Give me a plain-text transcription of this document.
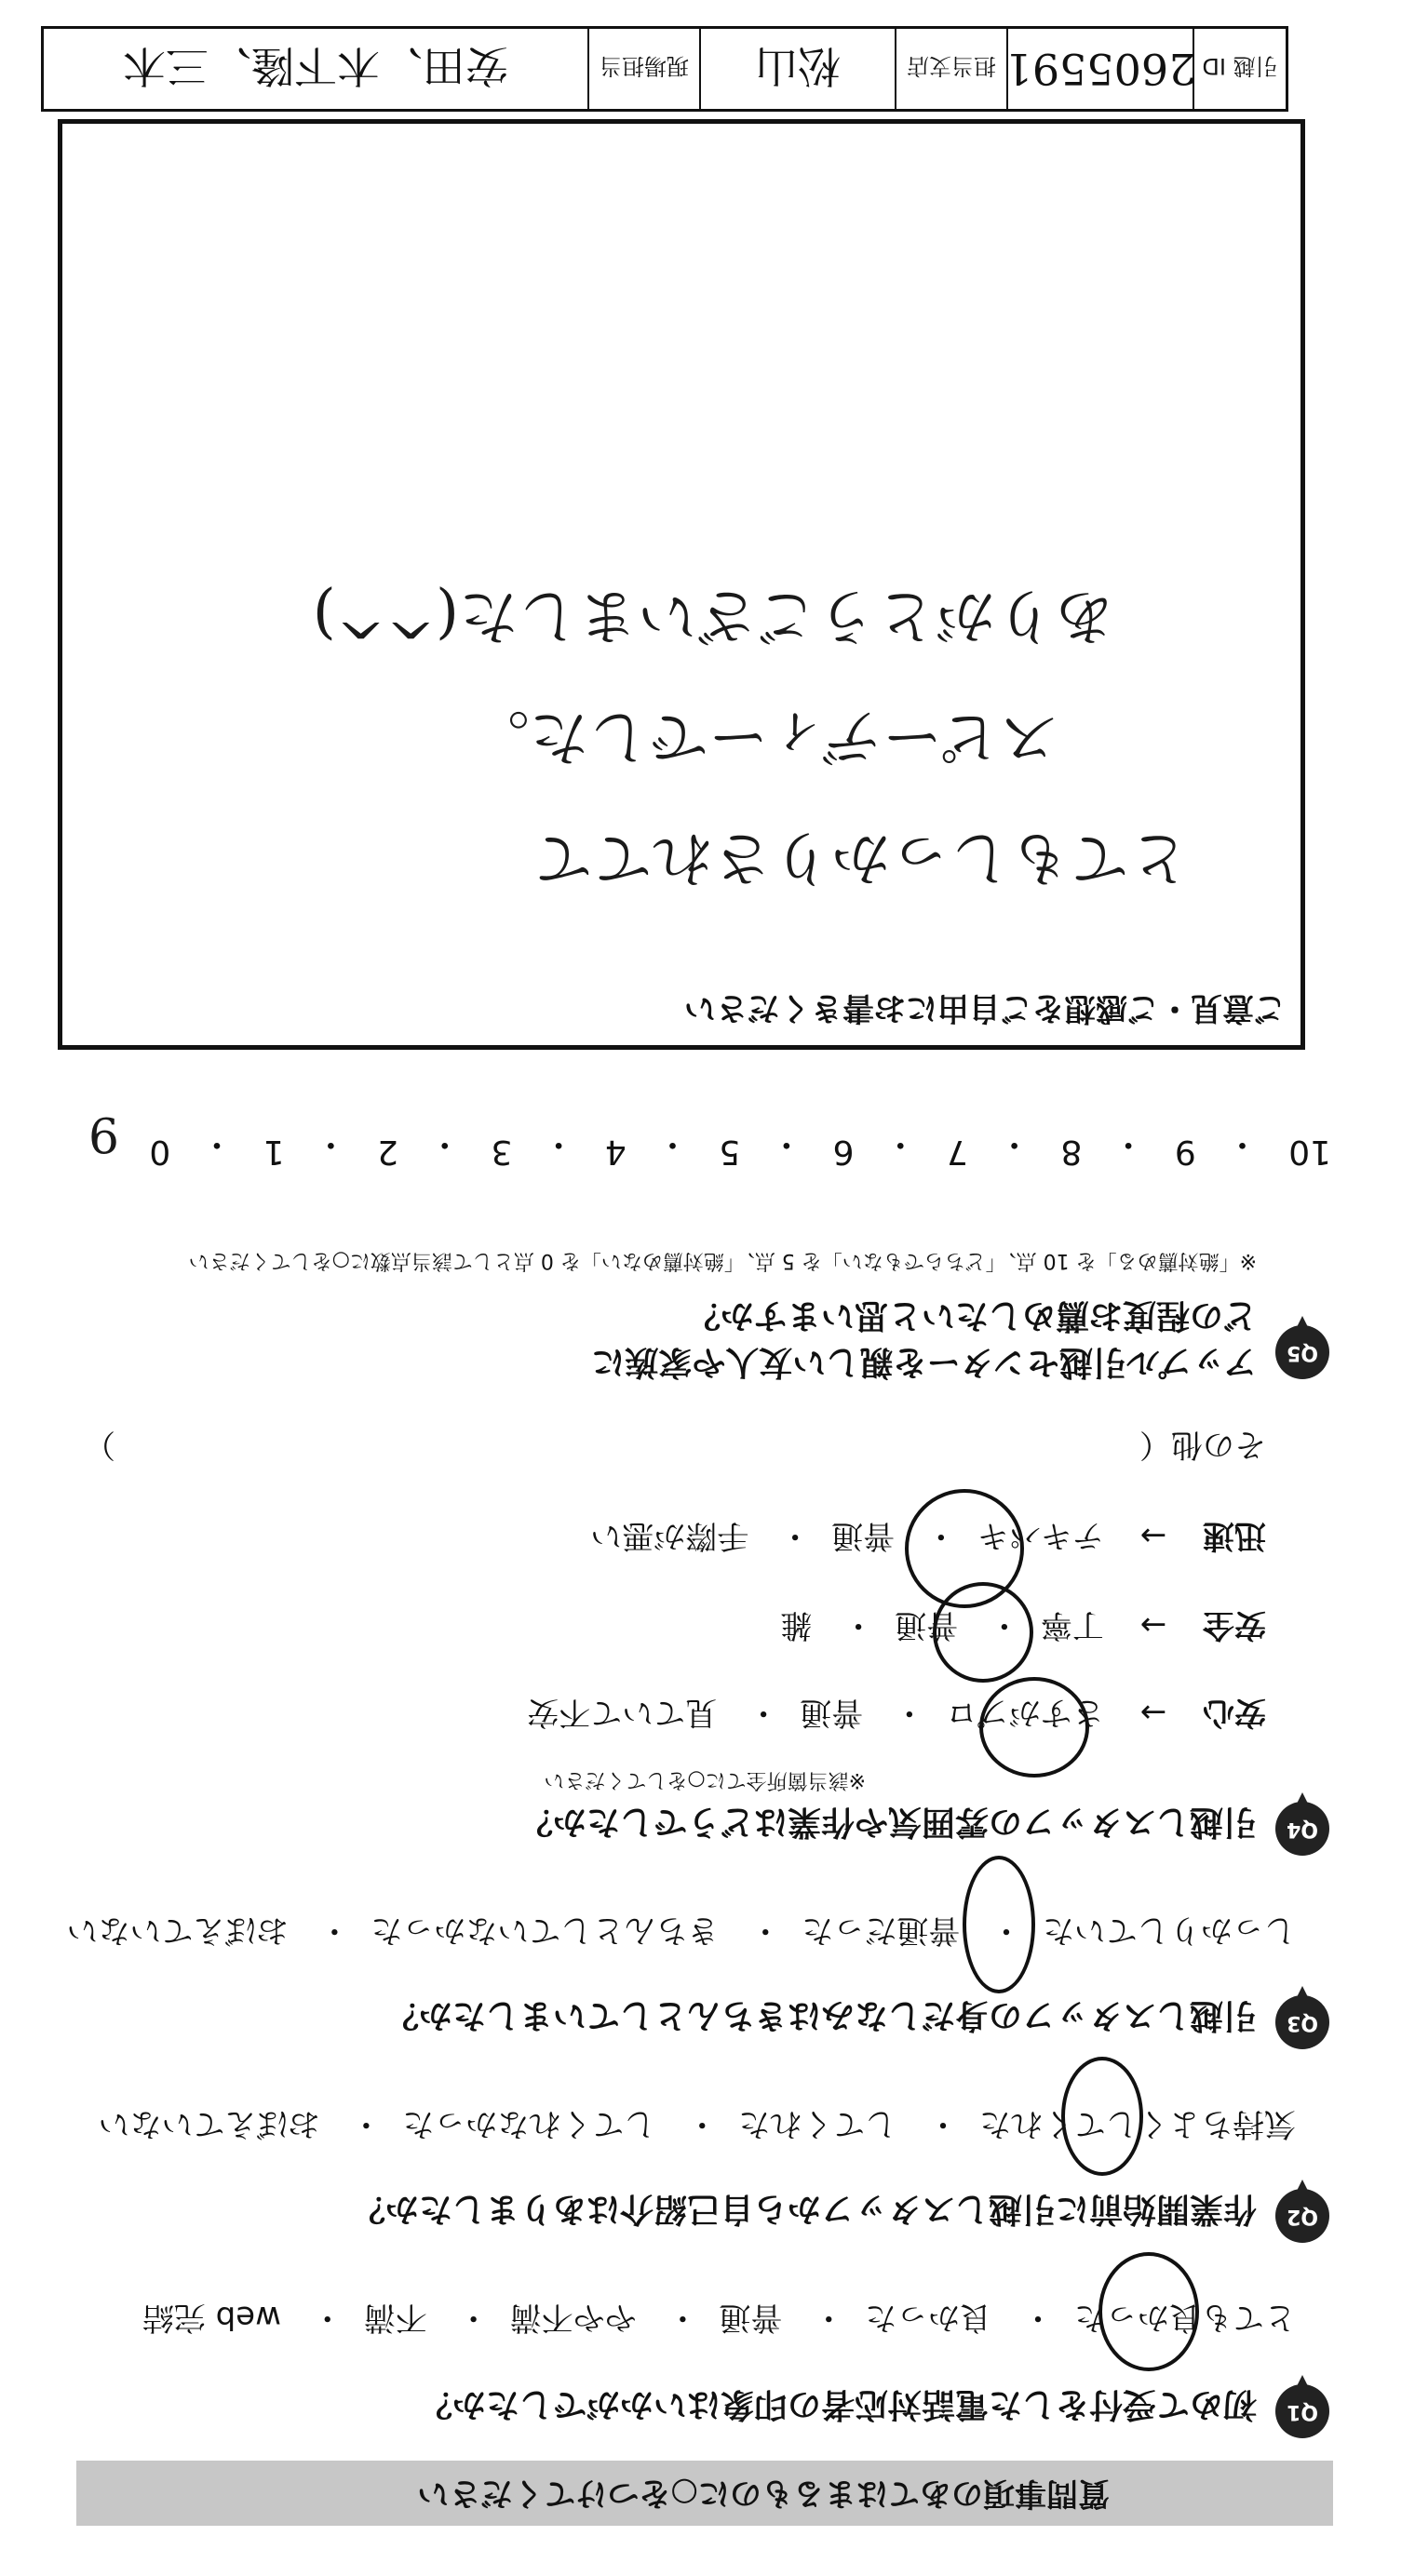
質問事項のあてはまるものに○をつけてください
Q1
初めて受付をした電話対応者の印象はいかがでしたか？
とても良かった・ 良かった・ 普通・ やや不満・ 不満・ web 完結
Q2
作業開始前に引越しスタッフから自己紹介はありましたか？
気持ちよくしてくれた・ してくれた・ してくれなかった・ おぼえていない
Q3
引越しスタッフの身だしなみはきちんとしていましたか？
しっかりしていた・ 普通だった・ きちんとしていなかった・ おぼえていない
Q4
引越しスタッフの雰囲気や作業はどうでしたか？
※該当箇所全てに○をしてください
安心 → さすがプロ・ 普通・ 見ていて不安
安全 → 丁寧・ 普通・ 雑
迅速 → テキパキ・ 普通・ 手際が悪い
その他（
）
Q5
アップル引越センターを親しい友人や家族に
どの程度お薦めしたいと思いますか？
※「絶対薦める」を 10 点、「どちらでもない」を 5 点、「絶対薦めない」を 0 点として該当点数に○をしてください
10
・
9
・
8
・
7
・
6
・
5
・
4
・
3
・
2
・
1
・
0
9
ご意見・ご感想をご自由にお書きください
とてもしっかりされてて
スピーディーでした。
ありがとうございました(^^)
引越 ID
2605591
担当支店
松山
現場担当
安田、木下隆、三木
